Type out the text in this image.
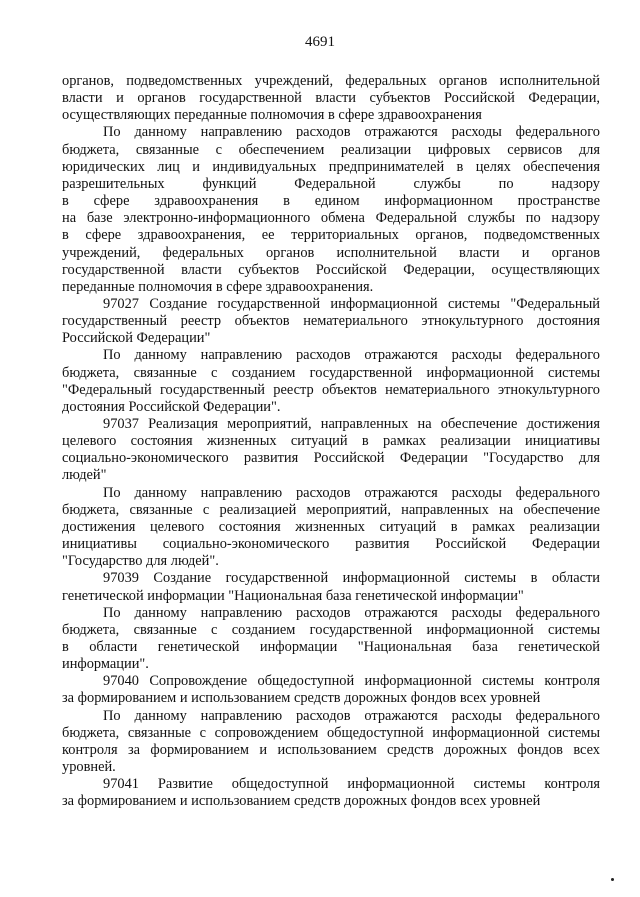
4691
органов, подведомственных учреждений, федеральных органов исполнительной
власти и органов государственной власти субъектов Российской Федерации,
осуществляющих переданные полномочия в сфере здравоохранения
По данному направлению расходов отражаются расходы федерального
бюджета, связанные с обеспечением реализации цифровых сервисов для
юридических лиц и индивидуальных предпринимателей в целях обеспечения
разрешительных функций Федеральной службы по надзору
в сфере здравоохранения в едином информационном пространстве
на базе электронно-информационного обмена Федеральной службы по надзору
в сфере здравоохранения, ее территориальных органов, подведомственных
учреждений, федеральных органов исполнительной власти и органов
государственной власти субъектов Российской Федерации, осуществляющих
переданные полномочия в сфере здравоохранения.
97027 Создание государственной информационной системы "Федеральный
государственный реестр объектов нематериального этнокультурного достояния
Российской Федерации"
По данному направлению расходов отражаются расходы федерального
бюджета, связанные с созданием государственной информационной системы
"Федеральный государственный реестр объектов нематериального этнокультурного
достояния Российской Федерации".
97037 Реализация мероприятий, направленных на обеспечение достижения
целевого состояния жизненных ситуаций в рамках реализации инициативы
социально-экономического развития Российской Федерации "Государство для
людей"
По данному направлению расходов отражаются расходы федерального
бюджета, связанные с реализацией мероприятий, направленных на обеспечение
достижения целевого состояния жизненных ситуаций в рамках реализации
инициативы социально-экономического развития Российской Федерации
"Государство для людей".
97039 Создание государственной информационной системы в области
генетической информации "Национальная база генетической информации"
По данному направлению расходов отражаются расходы федерального
бюджета, связанные с созданием государственной информационной системы
в области генетической информации "Национальная база генетической
информации".
97040 Сопровождение общедоступной информационной системы контроля
за формированием и использованием средств дорожных фондов всех уровней
По данному направлению расходов отражаются расходы федерального
бюджета, связанные с сопровождением общедоступной информационной системы
контроля за формированием и использованием средств дорожных фондов всех
уровней.
97041 Развитие общедоступной информационной системы контроля
за формированием и использованием средств дорожных фондов всех уровней
